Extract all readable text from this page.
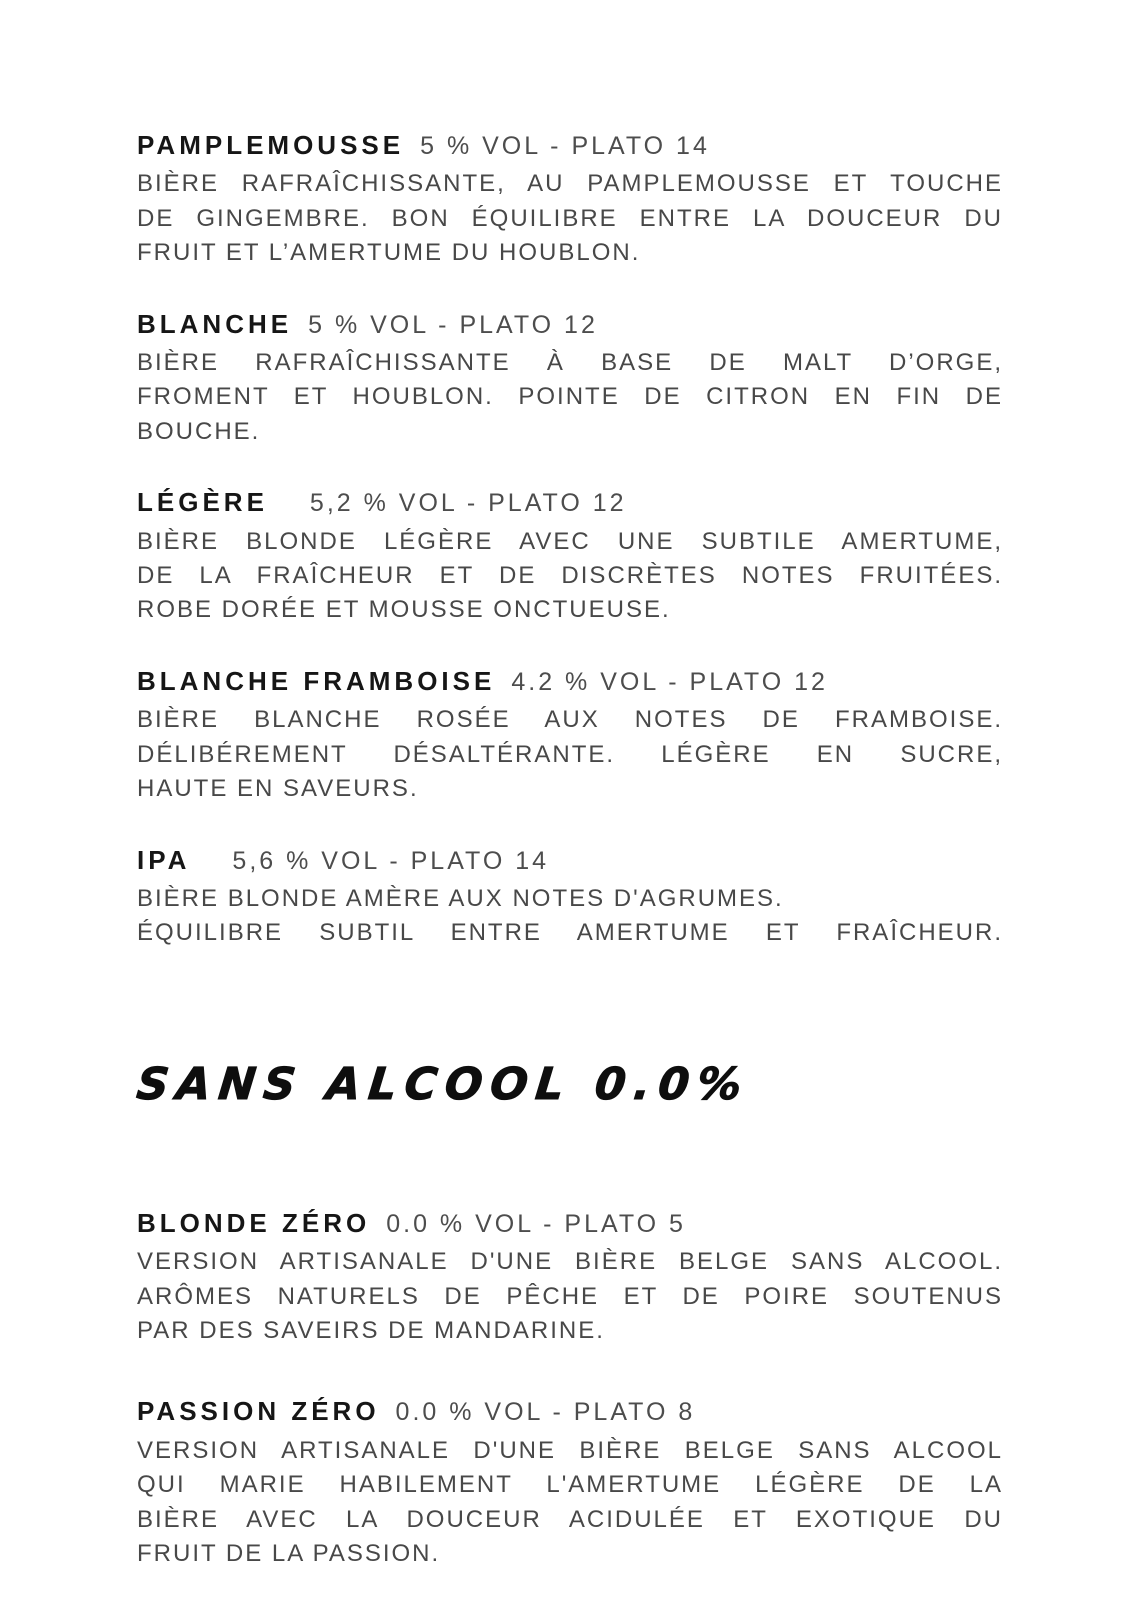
PAMPLEMOUSSE 5 % VOL - PLATO 14
BIÈRE RAFRAÎCHISSANTE, AU PAMPLEMOUSSE ET TOUCHE
DE GINGEMBRE. BON ÉQUILIBRE ENTRE LA DOUCEUR DU
FRUIT ET L’AMERTUME DU HOUBLON.
BLANCHE 5 % VOL - PLATO 12
BIÈRE RAFRAÎCHISSANTE À BASE DE MALT D’ORGE,
FROMENT ET HOUBLON. POINTE DE CITRON EN FIN DE
BOUCHE.
LÉGÈRE 5,2 % VOL - PLATO 12
BIÈRE BLONDE LÉGÈRE AVEC UNE SUBTILE AMERTUME,
DE LA FRAÎCHEUR ET DE DISCRÈTES NOTES FRUITÉES.
ROBE DORÉE ET MOUSSE ONCTUEUSE.
BLANCHE FRAMBOISE 4.2 % VOL - PLATO 12
BIÈRE BLANCHE ROSÉE AUX NOTES DE FRAMBOISE.
DÉLIBÉREMENT DÉSALTÉRANTE. LÉGÈRE EN SUCRE,
HAUTE EN SAVEURS.
IPA 5,6 % VOL - PLATO 14
BIÈRE BLONDE AMÈRE AUX NOTES D'AGRUMES.
ÉQUILIBRE SUBTIL ENTRE AMERTUME ET FRAÎCHEUR.
SANS ALCOOL 0.0%
BLONDE ZÉRO 0.0 % VOL - PLATO 5
VERSION ARTISANALE D'UNE BIÈRE BELGE SANS ALCOOL.
ARÔMES NATURELS DE PÊCHE ET DE POIRE SOUTENUS
PAR DES SAVEIRS DE MANDARINE.
PASSION ZÉRO 0.0 % VOL - PLATO 8
VERSION ARTISANALE D'UNE BIÈRE BELGE SANS ALCOOL
QUI MARIE HABILEMENT L'AMERTUME LÉGÈRE DE LA
BIÈRE AVEC LA DOUCEUR ACIDULÉE ET EXOTIQUE DU
FRUIT DE LA PASSION.
